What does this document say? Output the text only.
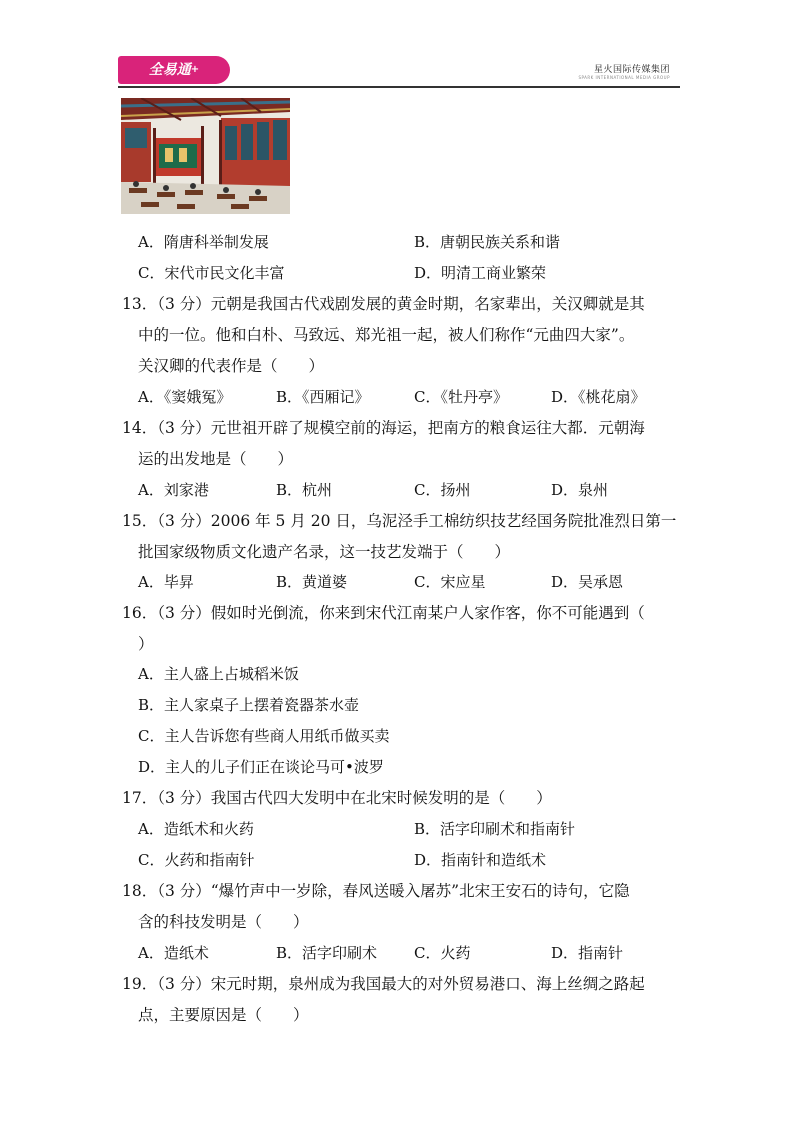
全易通+	星火国际传媒集团
SPARK INTERNATIONAL MEDIA GROUP
A．隋唐科举制发展	B．唐朝民族关系和谐
C．宋代市民文化丰富	D．明清工商业繁荣
13．（3 分）元朝是我国古代戏剧发展的黄金时期，名家辈出，关汉卿就是其
中的一位。他和白朴、马致远、郑光祖一起，被人们称作“元曲四大家”。
关汉卿的代表作是（　　）
A．《窦娥冤》	B．《西厢记》	C．《牡丹亭》	D．《桃花扇》
14．（3 分）元世祖开辟了规模空前的海运，把南方的粮食运往大都．元朝海
运的出发地是（　　）
A．刘家港	B．杭州	C．扬州	D．泉州
15．（3 分）2006 年 5 月 20 日，乌泥泾手工棉纺织技艺经国务院批准烈日第一
批国家级物质文化遗产名录，这一技艺发端于（　　）
A．毕昇	B．黄道婆	C．宋应星	D．吴承恩
16．（3 分）假如时光倒流，你来到宋代江南某户人家作客，你不可能遇到（
）
A．主人盛上占城稻米饭
B．主人家桌子上摆着瓷器茶水壶
C．主人告诉您有些商人用纸币做买卖
D．主人的儿子们正在谈论马可•波罗
17．（3 分）我国古代四大发明中在北宋时候发明的是（　　）
A．造纸术和火药	B．活字印刷术和指南针
C．火药和指南针	D．指南针和造纸术
18．（3 分）“爆竹声中一岁除，春风送暖入屠苏”北宋王安石的诗句，它隐
含的科技发明是（　　）
A．造纸术	B．活字印刷术 C．火药	D．指南针
19．（3 分）宋元时期，泉州成为我国最大的对外贸易港口、海上丝绸之路起
点，主要原因是（　　）
